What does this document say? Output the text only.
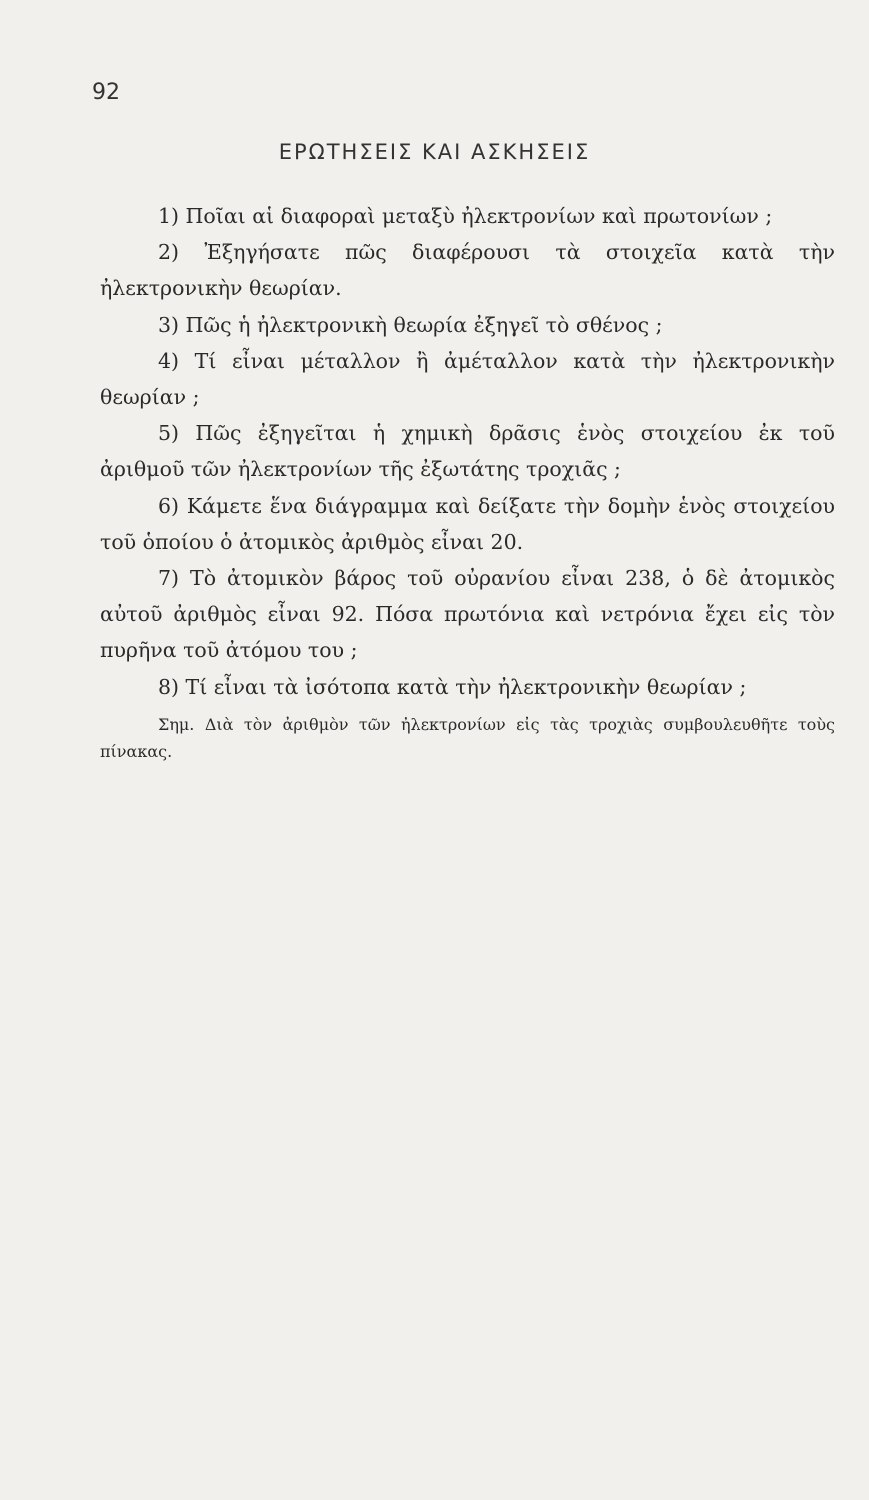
92
ΕΡΩΤΗΣΕΙΣ ΚΑΙ ΑΣΚΗΣΕΙΣ

1) Ποῖαι αἱ διαφοραὶ μεταξὺ ἠλεκτρονίων καὶ πρωτονίων ;

2) Ἐξηγήσατε πῶς διαφέρουσι τὰ στοιχεῖα κατὰ τὴν ἠλεκτρονικὴν θεωρίαν.

3) Πῶς ἡ ἠλεκτρονικὴ θεωρία ἐξηγεῖ τὸ σθένος ;

4) Τί εἶναι μέταλλον ἢ ἀμέταλλον κατὰ τὴν ἠλεκτρονικὴν θεωρίαν ;

5) Πῶς ἐξηγεῖται ἡ χημικὴ δρᾶσις ἑνὸς στοιχείου ἐκ τοῦ ἀριθμοῦ τῶν ἠλεκτρονίων τῆς ἐξωτάτης τροχιᾶς ;

6) Κάμετε ἕνα διάγραμμα καὶ δείξατε τὴν δομὴν ἑνὸς στοιχείου τοῦ ὁποίου ὁ ἀτομικὸς ἀριθμὸς εἶναι 20.

7) Τὸ ἀτομικὸν βάρος τοῦ οὐρανίου εἶναι 238, ὁ δὲ ἀτομικὸς αὐτοῦ ἀριθμὸς εἶναι 92. Πόσα πρωτόνια καὶ νετρόνια ἔχει εἰς τὸν πυρῆνα τοῦ ἀτόμου του ;

8) Τί εἶναι τὰ ἰσότοπα κατὰ τὴν ἠλεκτρονικὴν θεωρίαν ;

Σημ. Διὰ τὸν ἀριθμὸν τῶν ἠλεκτρονίων εἰς τὰς τροχιὰς συμβουλευθῆτε τοὺς πίνακας.
